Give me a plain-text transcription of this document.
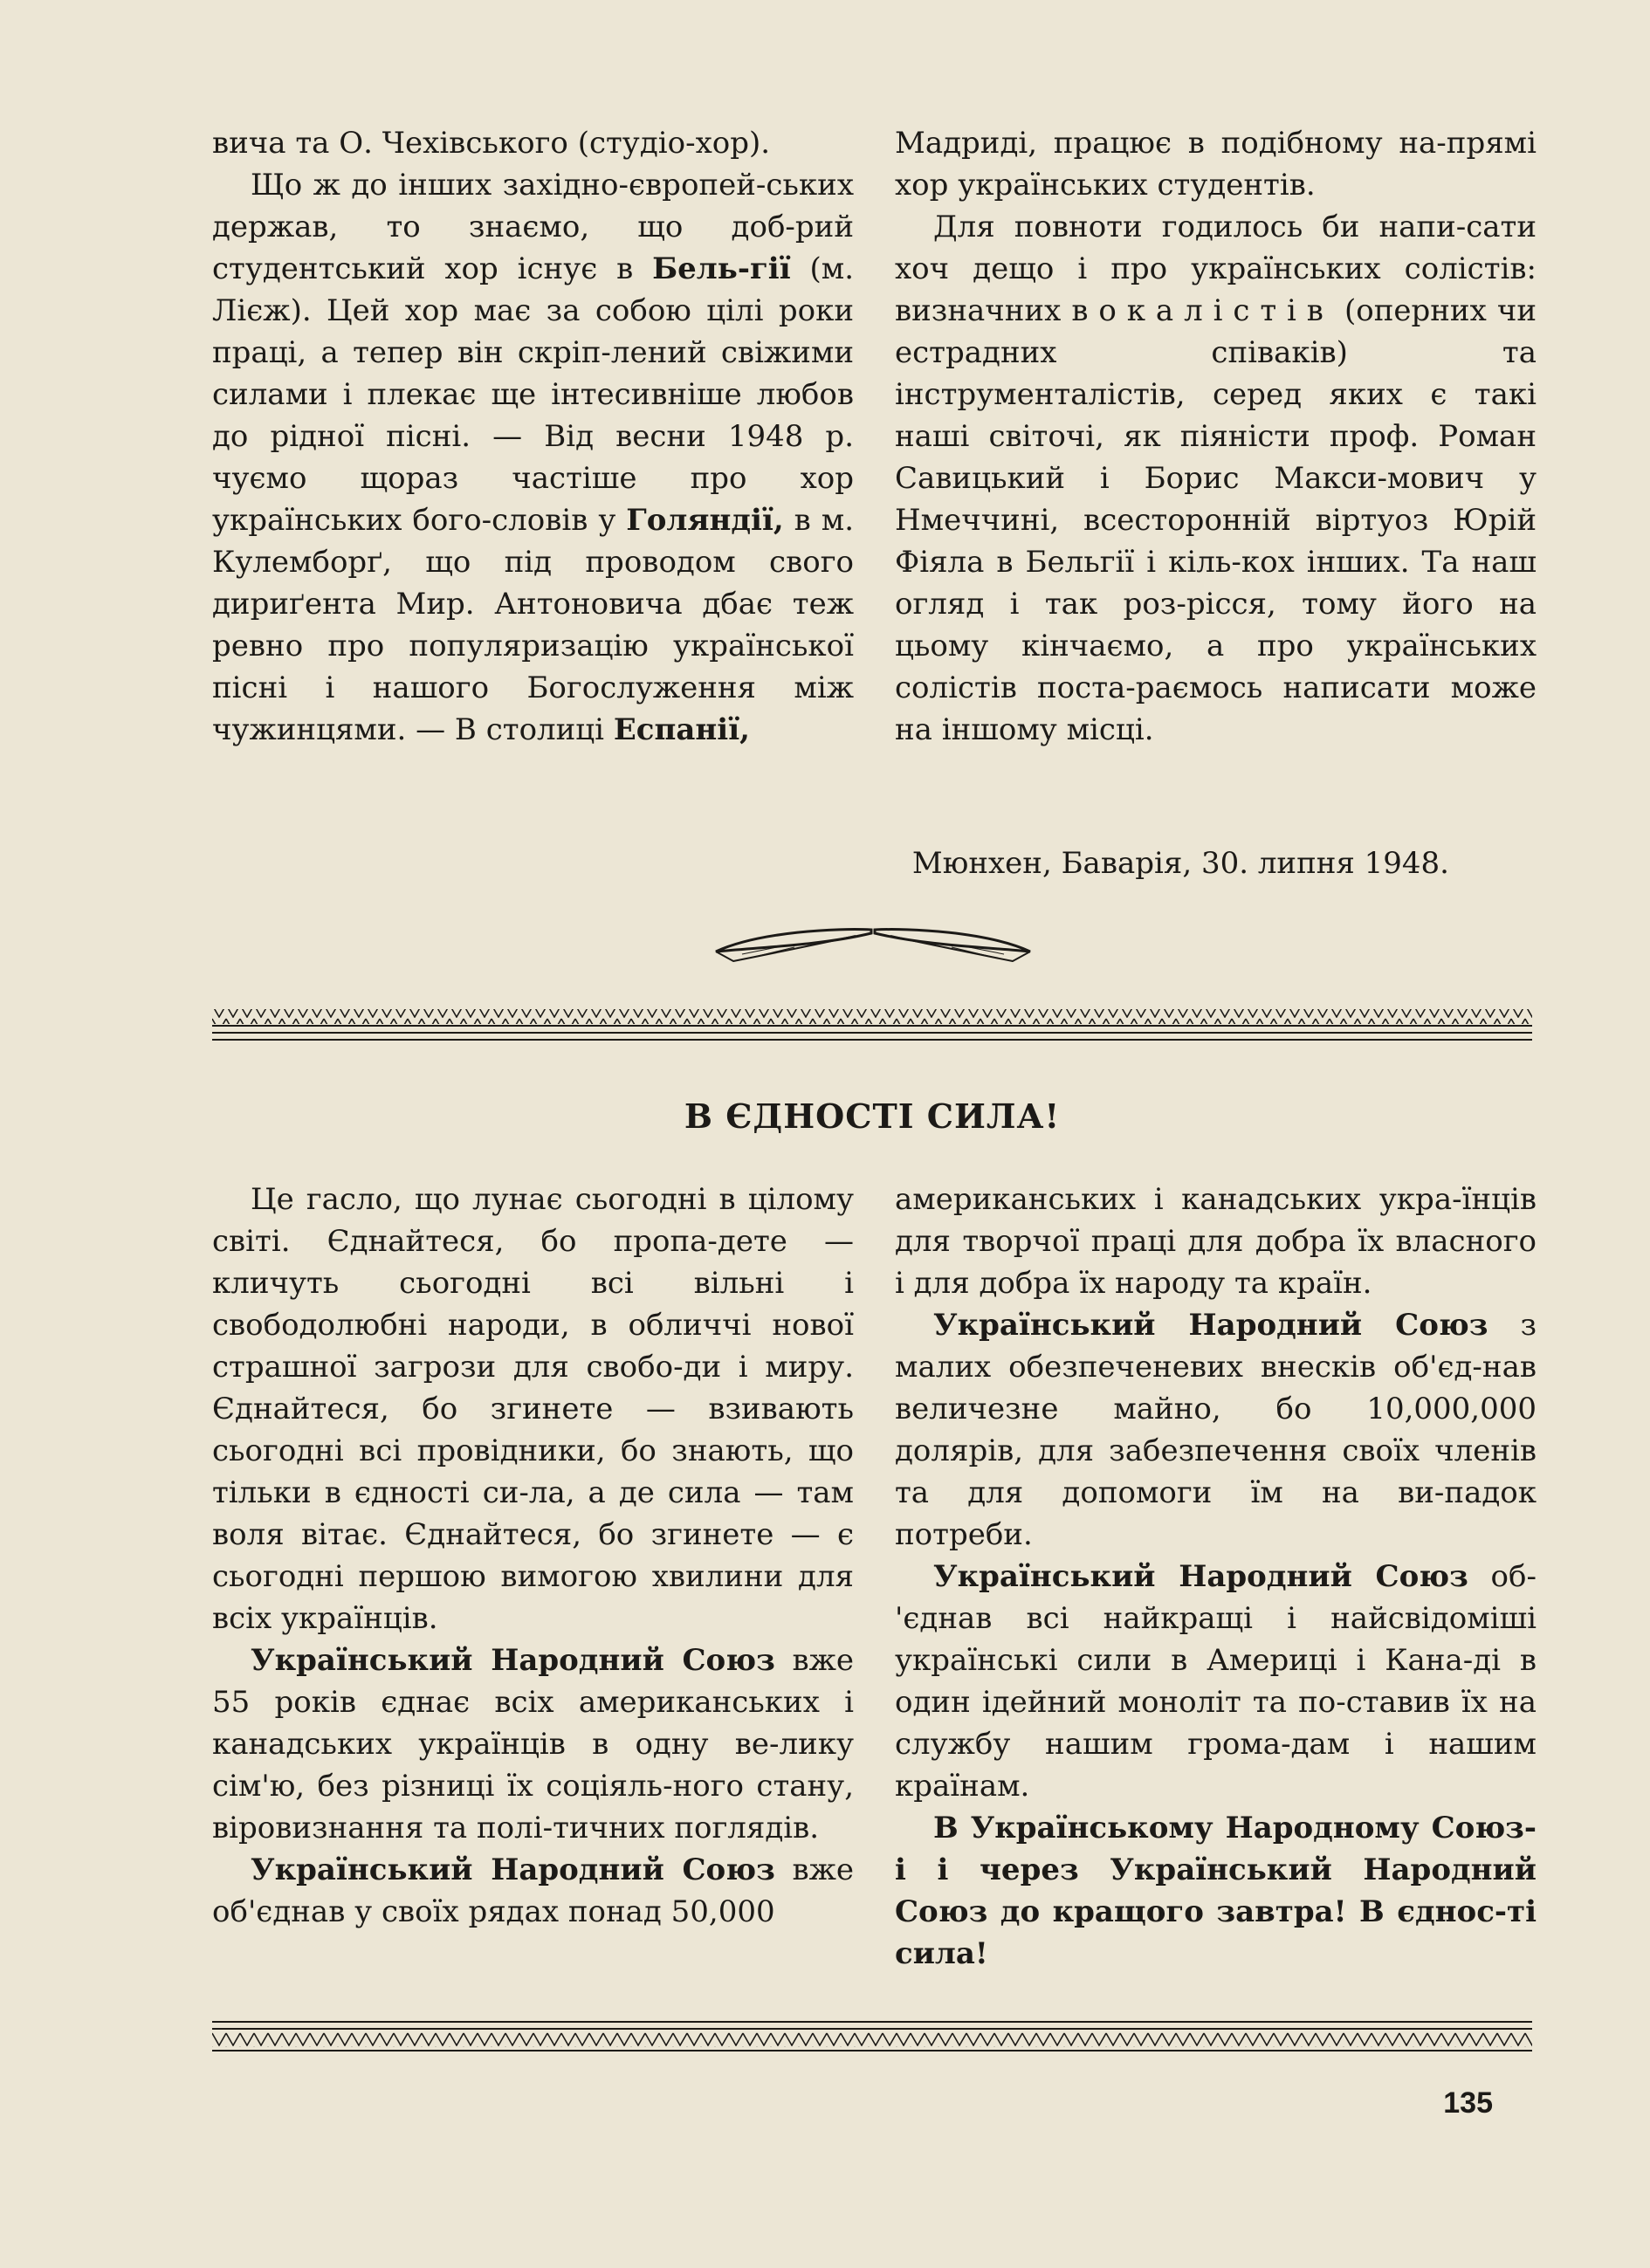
вича та О. Чехівського (студіо-хор).

Що ж до інших західно-європей-ських держав, то знаємо, що доб-рий студентський хор існує в Бель-гії (м. Лієж). Цей хор має за собою цілі роки праці, а тепер він скріп-лений свіжими силами і плекає ще інтесивніше любов до рідної пісні. — Від весни 1948 р. чуємо щораз частіше про хор українських бого-словів у Голяндії, в м. Кулемборґ, що під проводом свого дириґента Мир. Антоновича дбає теж ревно про популяризацію української пісні і нашого Богослуження між чужинцями. — В столиці Еспанії,

Мадриді, працює в подібному на-прямі хор українських студентів.

Для повноти годилось би напи-сати хоч дещо і про українських солістів: визначних вокалістів (оперних чи естрадних співаків) та інструменталістів, серед яких є такі наші світочі, як піяністи проф. Роман Савицький і Борис Макси-мович у Нмеччині, всесторонній віртуоз Юрій Фіяла в Бельгії і кіль-кох інших. Та наш огляд і так роз-рісся, тому його на цьому кінчаємо, а про українських солістів поста-раємось написати може на іншому місці.

Мюнхен, Баварія, 30. липня 1948.
В ЄДНОСТІ СИЛА!

Це гасло, що лунає сьогодні в цілому світі. Єднайтеся, бо пропа-дете — кличуть сьогодні всі вільні і свободолюбні народи, в обличчі нової страшної загрози для свобо-ди і миру. Єднайтеся, бо згинете — взивають сьогодні всі провідники, бо знають, що тільки в єдності си-ла, а де сила — там воля вітає. Єднайтеся, бо згинете — є сьогодні першою вимогою хвилини для всіх українців.

Український Народний Союз вже 55 років єднає всіх американських і канадських українців в одну ве-лику сім'ю, без різниці їх соціяль-ного стану, віровизнання та полі-тичних поглядів.

Український Народний Союз вже об'єднав у своїх рядах понад 50,000

американських і канадських укра-їнців для творчої праці для добра їх власного і для добра їх народу та країн.

Український Народний Союз з малих обезпеченевих внесків об'єд-нав величезне майно, бо 10,000,000 долярів, для забезпечення своїх членів та для допомоги їм на ви-падок потреби.

Український Народний Союз об-'єднав всі найкращі і найсвідоміші українські сили в Америці і Кана-ді в один ідейний моноліт та по-ставив їх на службу нашим грома-дам і нашим країнам.

В Українському Народному Союз-і і через Український Народний Союз до кращого завтра! В єднос-ті сила!

135
